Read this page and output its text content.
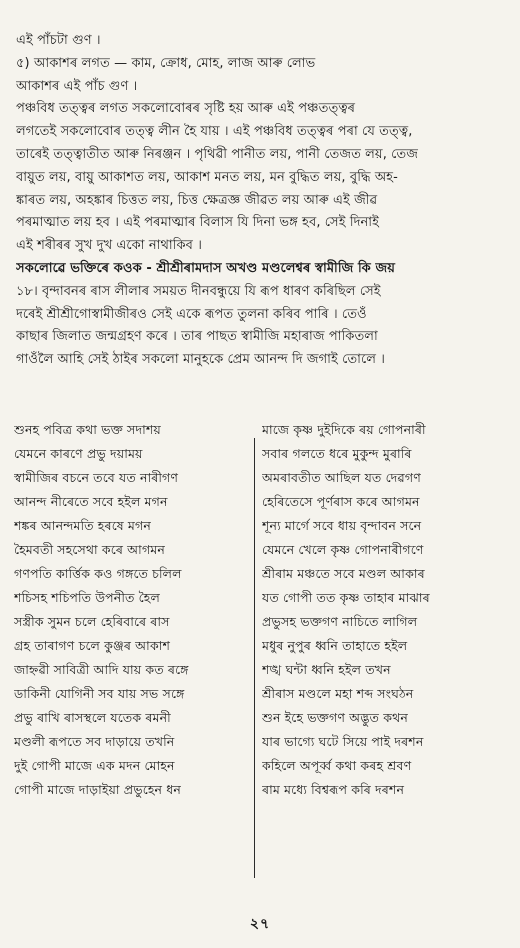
এই পাঁচটা গুণ ।
৫) আকাশৰ লগত — কাম, ক্ৰোধ, মোহ, লাজ আৰু লোভ
আকাশৰ এই পাঁচ গুণ ।
পঞ্চবিধ তত্ত্বৰ লগত সকলোবোৰৰ সৃষ্টি হয় আৰু এই পঞ্চতত্ত্বৰ
লগতেই সকলোবোৰ তত্ত্ব লীন হৈ যায় । এই পঞ্চবিধ তত্ত্বৰ পৰা যে তত্ত্ব,
তাৰেই তত্ত্বাতীত আৰু নিৰঞ্জন । পৃথিৱী পানীত লয়, পানী তেজত লয়, তেজ
বায়ুত লয়, বায়ু আকাশত লয়, আকাশ মনত লয়, মন বুদ্ধিত লয়, বুদ্ধি অহ-
ঙ্কাৰত লয়, অহঙ্কাৰ চিত্তত লয়, চিত্ত ক্ষেত্ৰজ্ঞ জীৱত লয় আৰু এই জীৱ
পৰমাত্মাত লয় হব । এই পৰমাত্মাৰ বিলাস যি দিনা ভঙ্গ হব, সেই দিনাই
এই শৰীৰৰ সুখ দুখ একো নাথাকিব ।
সকলোৱে ভক্তিৰে কওক - শ্ৰীশ্ৰীৰামদাস অখণ্ড মণ্ডলেশ্বৰ স্বামীজি কি জয়
১৮। বৃন্দাবনৰ ৰাস লীলাৰ সময়ত দীনবন্ধুয়ে যি ৰূপ ধাৰণ কৰিছিল সেই
দৰেই শ্ৰীশ্ৰীগোস্বামীজীৰও সেই একে ৰূপত তুলনা কৰিব পাৰি । তেওঁ
কাছাৰ জিলাত জন্মগ্ৰহণ কৰে । তাৰ পাছত স্বামীজি মহাৰাজ পাকিতলা
গাওঁলৈ আহি সেই ঠাইৰ সকলো মানুহকে প্ৰেম আনন্দ দি জগাই তোলে ।
শুনহ পবিত্ৰ কথা ভক্ত সদাশয়
যেমনে কাৰণে প্ৰভু দয়াময়
স্বামীজিৰ বচনে তবে যত নাৰীগণ
আনন্দ নীৰেতে সবে হইল মগন
শঙ্কৰ আনন্দমতি হৰষে মগন
হৈমবতী সহসেথা কৰে আগমন
গণপতি কাৰ্ত্তিক কও গঙ্গতে চলিল
শচিসহ শচিপতি উপনীত হৈল
সস্ত্ৰীক সুমন চলে হেৰিবাৰে ৰাস
গ্ৰহ তাৰাগণ চলে কুঞ্জৰ আকাশ
জাহ্নৱী সাবিত্ৰী আদি যায় কত ৰঙ্গে
ডাকিনী যোগিনী সব যায় সভ সঙ্গে
প্ৰভু ৰাখি ৰাসস্থলে যতেক ৰমনী
মণ্ডলী ৰূপতে সব দাড়ায়ে তখনি
দুই গোপী মাজে এক মদন মোহন
গোপী মাজে দাড়াইয়া প্ৰভুহেন ধন
মাজে কৃষ্ণ দুইদিকে ৰয় গোপনাৰী
সবাৰ গলতে ধৰে মুকুন্দ মুৰাৰি
অমৰাবতীত আছিল যত দেৱগণ
হেৰিতেসে পূৰ্ণৰাস কৰে আগমন
শূন্য মাৰ্গে সবে ধায় বৃন্দাবন সনে
যেমনে খেলে কৃষ্ণ গোপনাৰীগণে
শ্ৰীৰাম মঞ্চতে সবে মণ্ডল আকাৰ
যত গোপী তত কৃষ্ণ তাহাৰ মাঝাৰ
প্ৰভুসহ ভক্তগণ নাচিতে লাগিল
মধুৰ নুপুৰ ধ্বনি তাহাতে হইল
শঙ্খ ঘন্টা ধ্বনি হইল তখন
শ্ৰীৰাস মণ্ডলে মহা শব্দ সংঘঠন
শুন ইহে ভক্তগণ অদ্ভুত কথন
যাৰ ভাগ্যে ঘটে সিয়ে পাই দৰশন
কহিলে অপূৰ্ব্ব কথা কৰহ শ্ৰবণ
ৰাম মধ্যে বিশ্বৰূপ কৰি দৰশন
২৭
